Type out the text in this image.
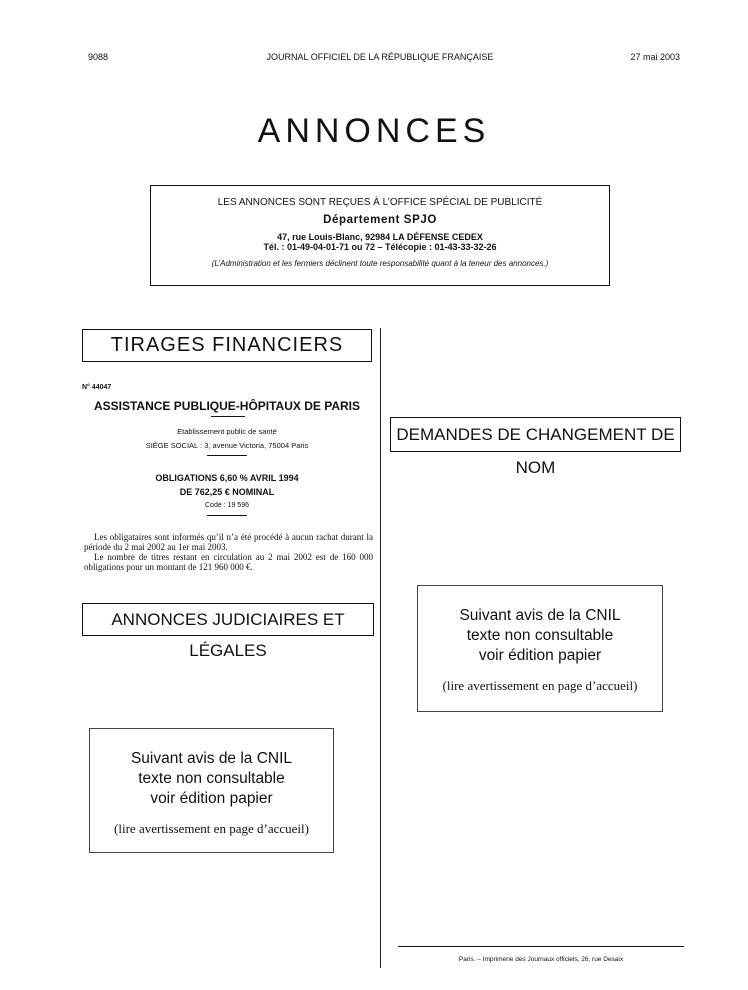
9088	JOURNAL OFFICIEL DE LA RÉPUBLIQUE FRANÇAISE	27 mai 2003
ANNONCES
LES ANNONCES SONT REÇUES À L’OFFICE SPÉCIAL DE PUBLICITÉ
Département SPJO
47, rue Louis-Blanc, 92984 LA DÉFENSE CEDEX
Tél. : 01-49-04-01-71 ou 72 – Télécopie : 01-43-33-32-26
(L’Administration et les fermiers déclinent toute responsabilité quant à la teneur des annonces.)
TIRAGES FINANCIERS
N° 44047
ASSISTANCE PUBLIQUE-HÔPITAUX DE PARIS
Etablissement public de santé
SIÈGE SOCIAL : 3, avenue Victoria, 75004 Paris
OBLIGATIONS 6,60 % AVRIL 1994
DE 762,25 € NOMINAL
Code : 19 596
Les obligataires sont informés qu’il n’a été procédé à aucun rachat durant la période du 2 mai 2002 au 1er mai 2003.
Le nombre de titres restant en circulation au 2 mai 2002 est de 160 000 obligations pour un montant de 121 960 000 €.
ANNONCES JUDICIAIRES ET LÉGALES
Suivant avis de la CNIL
texte non consultable
voir édition papier
(lire avertissement en page d’accueil)
DEMANDES DE CHANGEMENT DE NOM
Suivant avis de la CNIL
texte non consultable
voir édition papier
(lire avertissement en page d’accueil)
Paris. – Imprimerie des Journaux officiels, 26, rue Desaix
